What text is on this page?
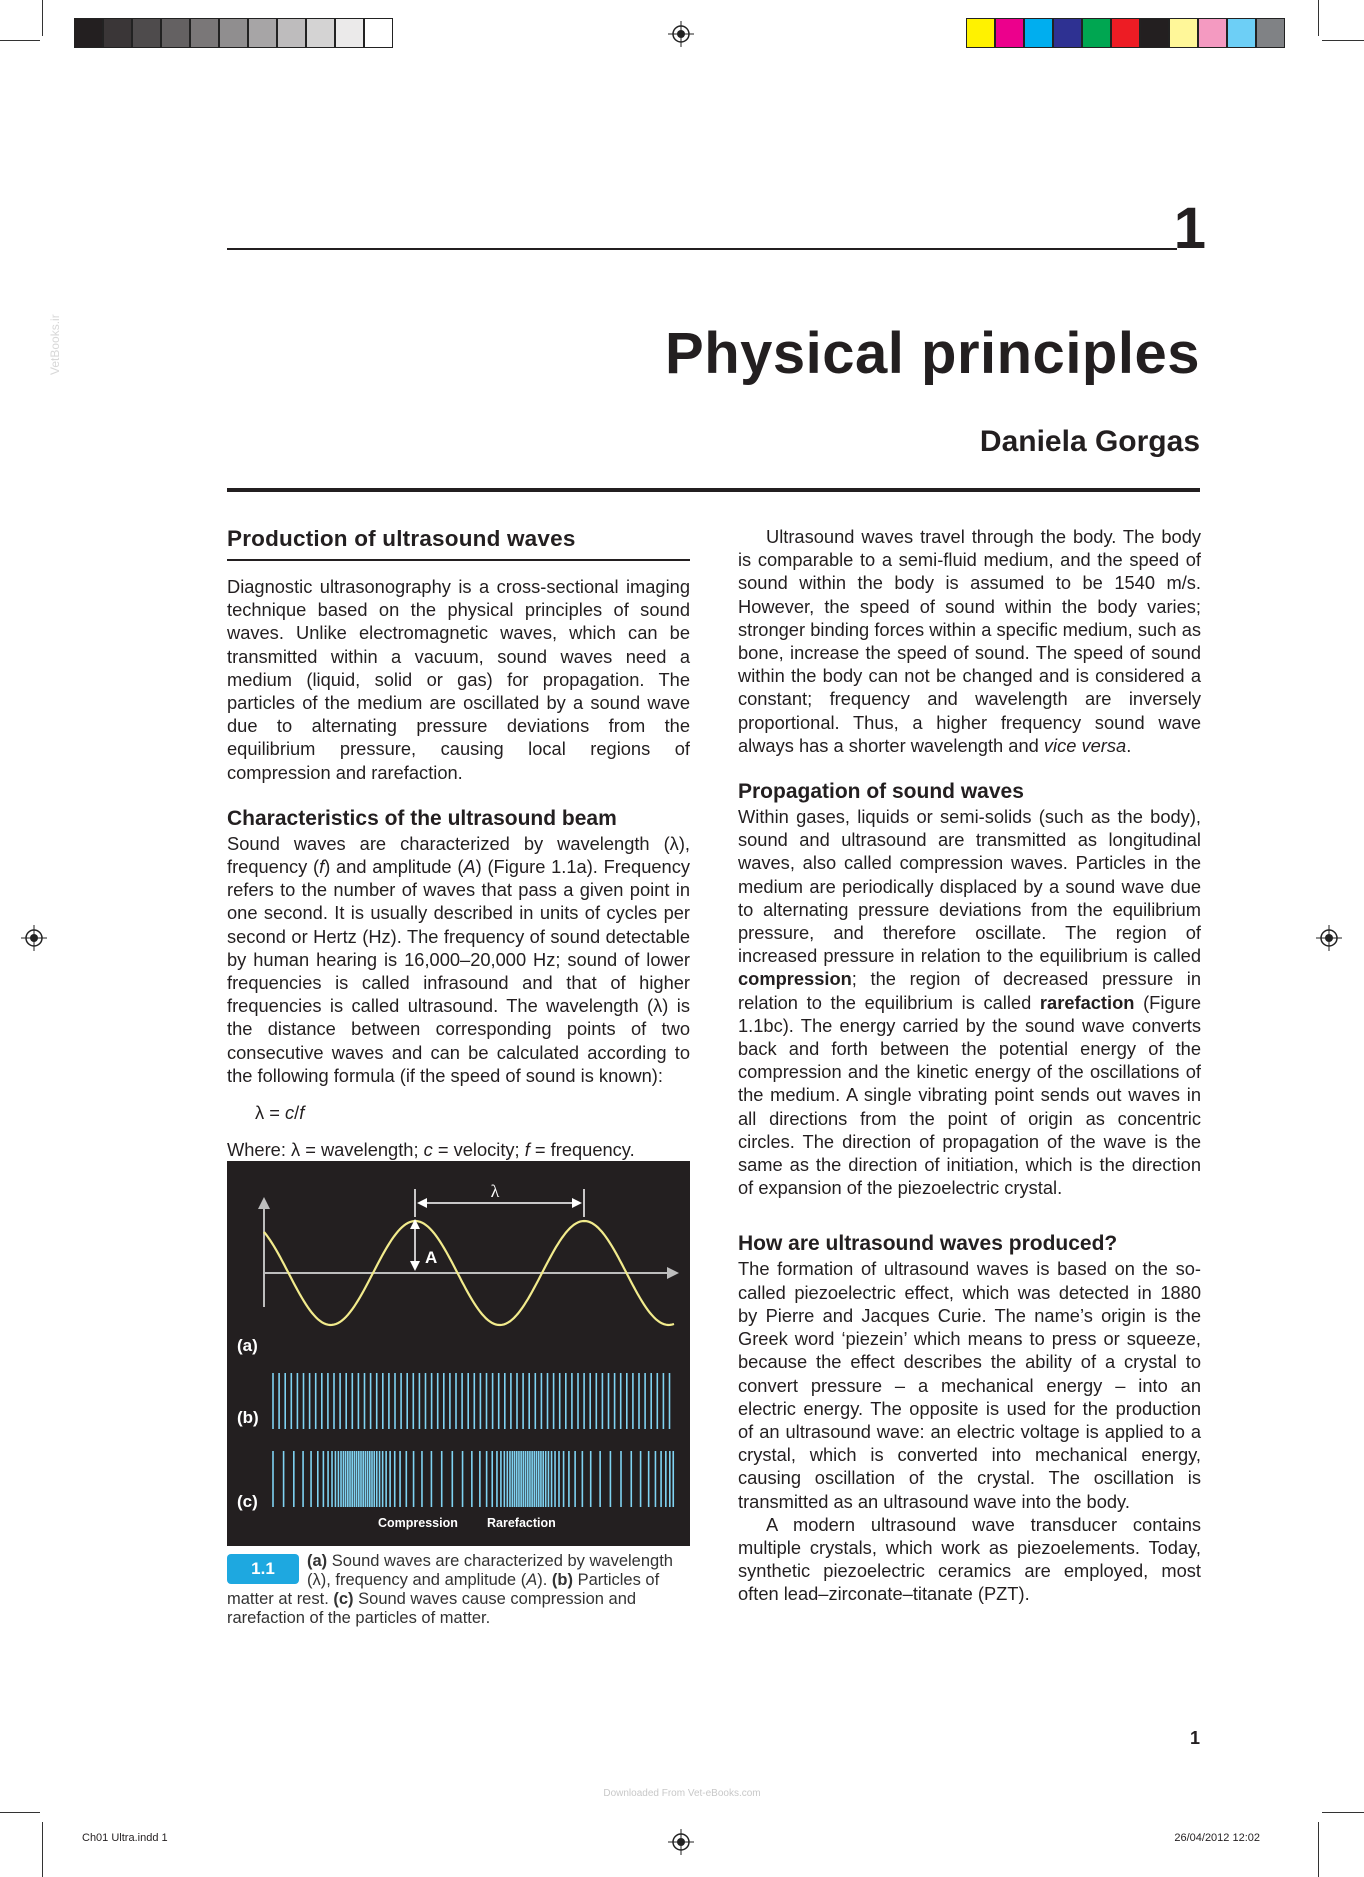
VetBooks.ir
1
Physical principles
Daniela Gorgas
Production of ultrasound waves

Diagnostic ultrasonography is a cross-sectional imaging technique based on the physical principles of sound waves. Unlike electromagnetic waves, which can be transmitted within a vacuum, sound waves need a medium (liquid, solid or gas) for propagation. The particles of the medium are oscillated by a sound wave due to alternating pressure deviations from the equilibrium pressure, causing local regions of compression and rarefaction.

Characteristics of the ultrasound beam

Sound waves are characterized by wavelength (λ), frequency (f) and amplitude (A) (Figure 1.1a). Frequency refers to the number of waves that pass a given point in one second. It is usually described in units of cycles per second or Hertz (Hz). The frequency of sound detectable by human hearing is 16,000–20,000 Hz; sound of lower frequencies is called infrasound and that of higher frequencies is called ultrasound. The wavelength (λ) is the distance between corresponding points of two consecutive waves and can be calculated according to the following formula (if the speed of sound is known):

λ = c/f

Where: λ = wavelength; c = velocity; f = frequency.

λ
A
(a)
(b)
(c)
Compression Rarefaction
1.1	(a) Sound waves are characterized by wavelength (λ), frequency and amplitude (A). (b) Particles of matter at rest. (c) Sound waves cause compression and rarefaction of the particles of matter.

Ultrasound waves travel through the body. The body is comparable to a semi-fluid medium, and the speed of sound within the body is assumed to be 1540 m/s. However, the speed of sound within the body varies; stronger binding forces within a specific medium, such as bone, increase the speed of sound. The speed of sound within the body can not be changed and is considered a constant; frequency and wavelength are inversely proportional. Thus, a higher frequency sound wave always has a shorter wavelength and vice versa.

Propagation of sound waves

Within gases, liquids or semi-solids (such as the body), sound and ultrasound are transmitted as longitudinal waves, also called compression waves. Particles in the medium are periodically displaced by a sound wave due to alternating pressure deviations from the equilibrium pressure, and therefore oscillate. The region of increased pressure in relation to the equilibrium is called compression; the region of decreased pressure in relation to the equilibrium is called rarefaction (Figure 1.1bc). The energy carried by the sound wave converts back and forth between the potential energy of the compression and the kinetic energy of the oscillations of the medium. A single vibrating point sends out waves in all directions from the point of origin as concentric circles. The direction of propagation of the wave is the same as the direction of initiation, which is the direction of expansion of the piezoelectric crystal.

How are ultrasound waves produced?

The formation of ultrasound waves is based on the so-called piezoelectric effect, which was detected in 1880 by Pierre and Jacques Curie. The name’s origin is the Greek word ‘piezein’ which means to press or squeeze, because the effect describes the ability of a crystal to convert pressure – a mechanical energy – into an electric energy. The opposite is used for the production of an ultrasound wave: an electric voltage is applied to a crystal, which is converted into mechanical energy, causing oscillation of the crystal. The oscillation is transmitted as an ultrasound wave into the body.

A modern ultrasound wave transducer contains multiple crystals, which work as piezoelements. Today, synthetic piezoelectric ceramics are employed, most often lead–zirconate–titanate (PZT).

1
Downloaded From Vet-eBooks.com
Ch01 Ultra.indd 1	26/04/2012 12:02
